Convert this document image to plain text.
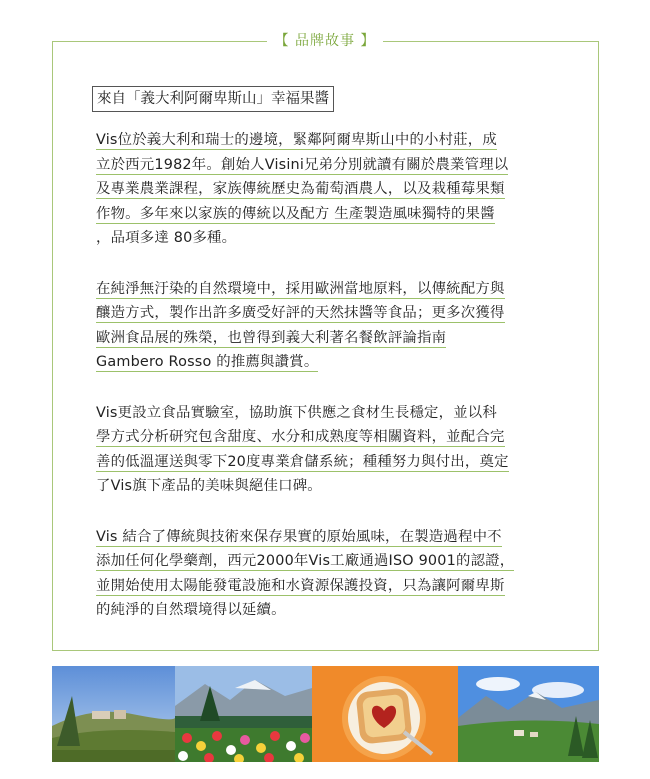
【 品牌故事 】
來自「義大利阿爾卑斯山」幸福果醬

Vis位於義大利和瑞士的邊境，緊鄰阿爾卑斯山中的小村莊，成
立於西元1982年。創始人Visini兄弟分別就讀有關於農業管理以
及專業農業課程，家族傳統歷史為葡萄酒農人，以及栽種莓果類
作物。多年來以家族的傳統以及配方 生產製造風味獨特的果醬
，品項多達 80多種。

在純淨無汙染的自然環境中，採用歐洲當地原料，以傳統配方與
釀造方式，製作出許多廣受好評的天然抹醬等食品；更多次獲得
歐洲食品展的殊榮，也曾得到義大利著名餐飲評論指南
Gambero Rosso 的推薦與讚賞。

Vis更設立食品實驗室，協助旗下供應之食材生長穩定，並以科
學方式分析研究包含甜度、水分和成熟度等相關資料，並配合完
善的低溫運送與零下20度專業倉儲系統；種種努力與付出，奠定
了Vis旗下產品的美味與絕佳口碑。

Vis 結合了傳統與技術來保存果實的原始風味，在製造過程中不
添加任何化學藥劑，西元2000年Vis工廠通過ISO 9001的認證，
並開始使用太陽能發電設施和水資源保護投資，只為讓阿爾卑斯
的純淨的自然環境得以延續。
